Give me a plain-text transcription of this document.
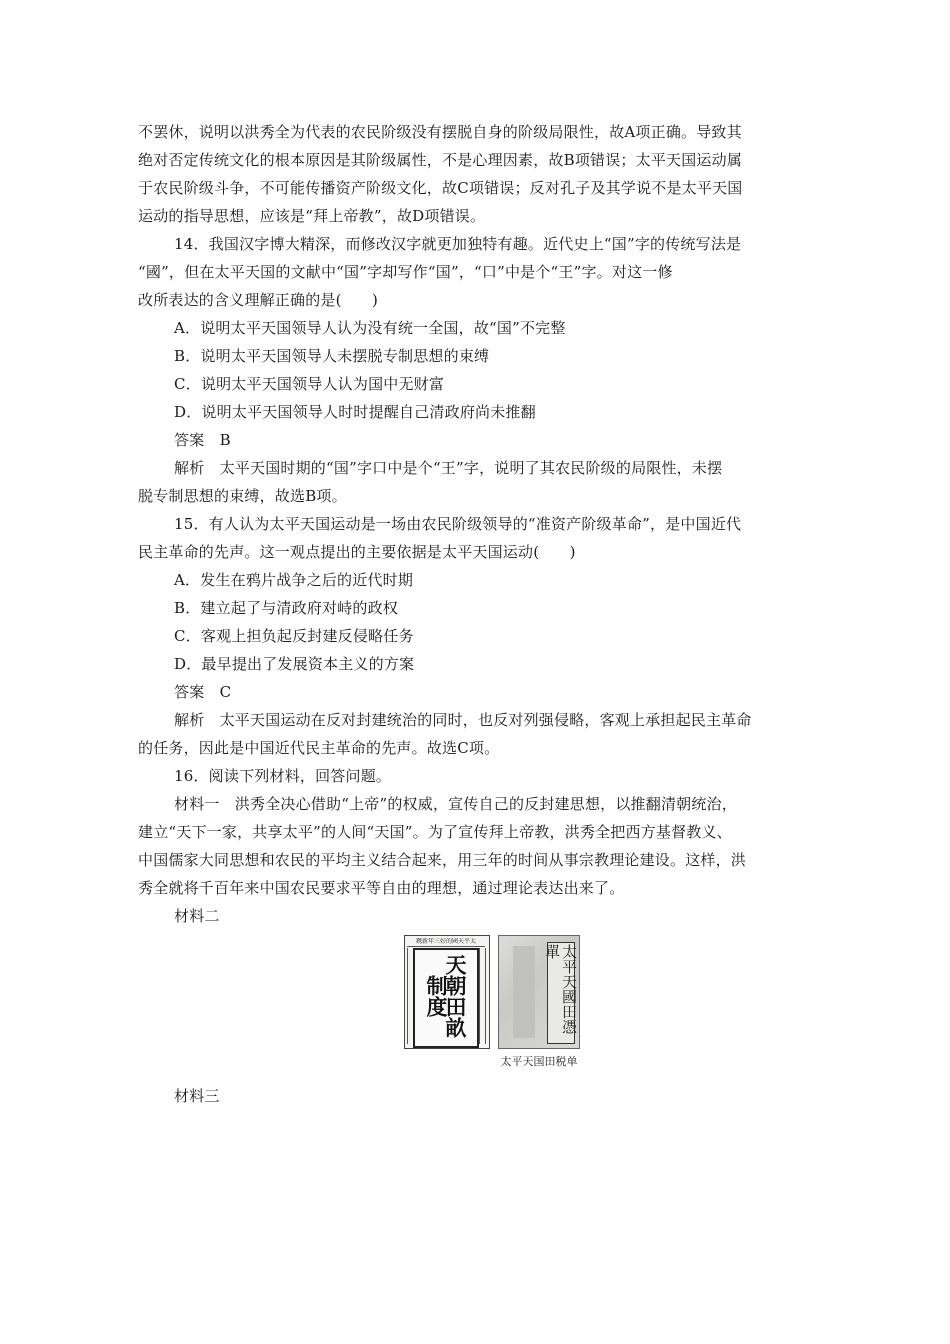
不罢休，说明以洪秀全为代表的农民阶级没有摆脱自身的阶级局限性，故A项正确。导致其
绝对否定传统文化的根本原因是其阶级属性，不是心理因素，故B项错误；太平天国运动属
于农民阶级斗争，不可能传播资产阶级文化，故C项错误；反对孔子及其学说不是太平天国
运动的指导思想，应该是“拜上帝教”，故D项错误。
14．我国汉字博大精深，而修改汉字就更加独特有趣。近代史上“国”字的传统写法是
“國”，但在太平天国的文献中“国”字却写作“国”，“口”中是个“王”字。对这一修
改所表达的含义理解正确的是(　　)
A．说明太平天国领导人认为没有统一全国，故“国”不完整
B．说明太平天国领导人未摆脱专制思想的束缚
C．说明太平天国领导人认为国中无财富
D．说明太平天国领导人时时提醒自己清政府尚未推翻
答案　B
解析　太平天国时期的“国”字口中是个“王”字，说明了其农民阶级的局限性，未摆
脱专制思想的束缚，故选B项。
15．有人认为太平天国运动是一场由农民阶级领导的“准资产阶级革命”，是中国近代
民主革命的先声。这一观点提出的主要依据是太平天国运动(　　)
A．发生在鸦片战争之后的近代时期
B．建立起了与清政府对峙的政权
C．客观上担负起反封建反侵略任务
D．最早提出了发展资本主义的方案
答案　C
解析　太平天国运动在反对封建统治的同时，也反对列强侵略，客观上承担起民主革命
的任务，因此是中国近代民主革命的先声。故选C项。
16．阅读下列材料，回答问题。
材料一　洪秀全决心借助“上帝”的权威，宣传自己的反封建思想，以推翻清朝统治，
建立“天下一家，共享太平”的人间“天国”。为了宣传拜上帝教，洪秀全把西方基督教义、
中国儒家大同思想和农民的平均主义结合起来，用三年的时间从事宗教理论建设。这样，洪
秀全就将千百年来中国农民要求平等自由的理想，通过理论表达出来了。
材料二
鎸新年三好的國天平太
天朝田畝制度	太平天國田憑單
太平天国田税单
材料三
